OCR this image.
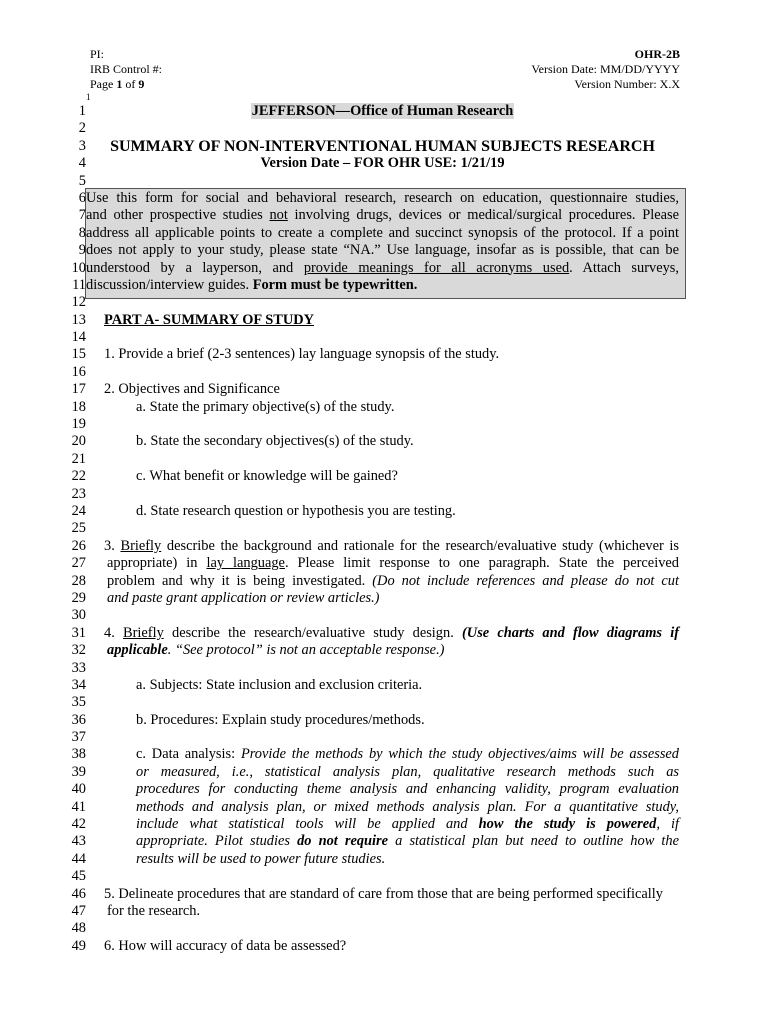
PI:
IRB Control #:
Page 1 of 9
OHR-2B
Version Date: MM/DD/YYYY
Version Number: X.X
1
1	JEFFERSON—Office of Human Research
2
3	SUMMARY OF NON-INTERVENTIONAL HUMAN SUBJECTS RESEARCH
4	Version Date – FOR OHR USE: 1/21/19
5
6 Use this form for social and behavioral research, research on education, questionnaire studies,
7 and other prospective studies not involving drugs, devices or medical/surgical procedures. Please
8 address all applicable points to create a complete and succinct synopsis of the protocol. If a point
9 does not apply to your study, please state “NA.” Use language, insofar as is possible, that can be
10 understood by a layperson, and provide meanings for all acronyms used. Attach surveys,
11 discussion/interview guides. Form must be typewritten.
12
13 PART A- SUMMARY OF STUDY
14
15 1. Provide a brief (2-3 sentences) lay language synopsis of the study.
16
17 2. Objectives and Significance
18	a. State the primary objective(s) of the study.
19
20	b. State the secondary objectives(s) of the study.
21
22	c. What benefit or knowledge will be gained?
23
24	d. State research question or hypothesis you are testing.
25
26 3. Briefly describe the background and rationale for the research/evaluative study (whichever is
27 appropriate) in lay language. Please limit response to one paragraph. State the perceived
28 problem and why it is being investigated. (Do not include references and please do not cut
29 and paste grant application or review articles.)
30
31 4. Briefly describe the research/evaluative study design. (Use charts and flow diagrams if
32 applicable. “See protocol” is not an acceptable response.)
33
34	a. Subjects: State inclusion and exclusion criteria.
35
36	b. Procedures: Explain study procedures/methods.
37
38	c. Data analysis: Provide the methods by which the study objectives/aims will be assessed
39	or measured, i.e., statistical analysis plan, qualitative research methods such as
40	procedures for conducting theme analysis and enhancing validity, program evaluation
41	methods and analysis plan, or mixed methods analysis plan. For a quantitative study,
42	include what statistical tools will be applied and how the study is powered, if
43	appropriate. Pilot studies do not require a statistical plan but need to outline how the
44	results will be used to power future studies.
45
46 5. Delineate procedures that are standard of care from those that are being performed specifically
47 for the research.
48
49 6. How will accuracy of data be assessed?
